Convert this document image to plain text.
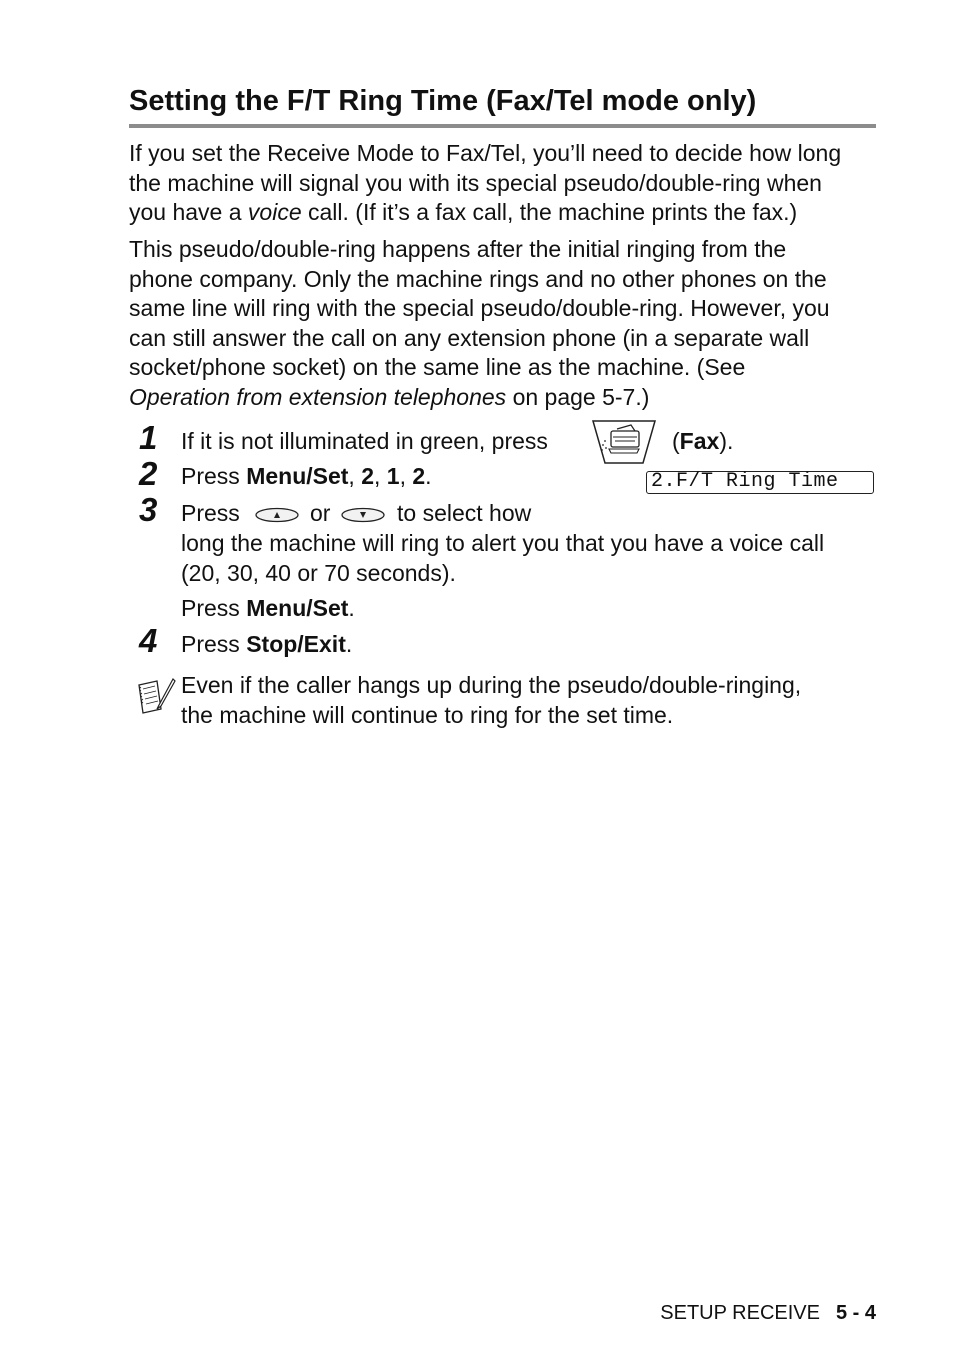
Setting the F/T Ring Time (Fax/Tel mode only)

If you set the Receive Mode to Fax/Tel, you’ll need to decide how long
the machine will signal you with its special pseudo/double-ring when
you have a voice call. (If it’s a fax call, the machine prints the fax.)

This pseudo/double-ring happens after the initial ringing from the
phone company. Only the machine rings and no other phones on the
same line will ring with the special pseudo/double-ring. However, you
can still answer the call on any extension phone (in a separate wall
socket/phone socket) on the same line as the machine. (See
Operation from extension telephones on page 5-7.)

1 If it is not illuminated in green, press	(Fax).
2 Press Menu/Set, 2, 1, 2.	2.F/T Ring Time
3 Press	or	to select how
long the machine will ring to alert you that you have a voice call
(20, 30, 40 or 70 seconds).
Press Menu/Set.
4 Press Stop/Exit.
Even if the caller hangs up during the pseudo/double-ringing,
the machine will continue to ring for the set time.
SETUP RECEIVE 5 - 4
